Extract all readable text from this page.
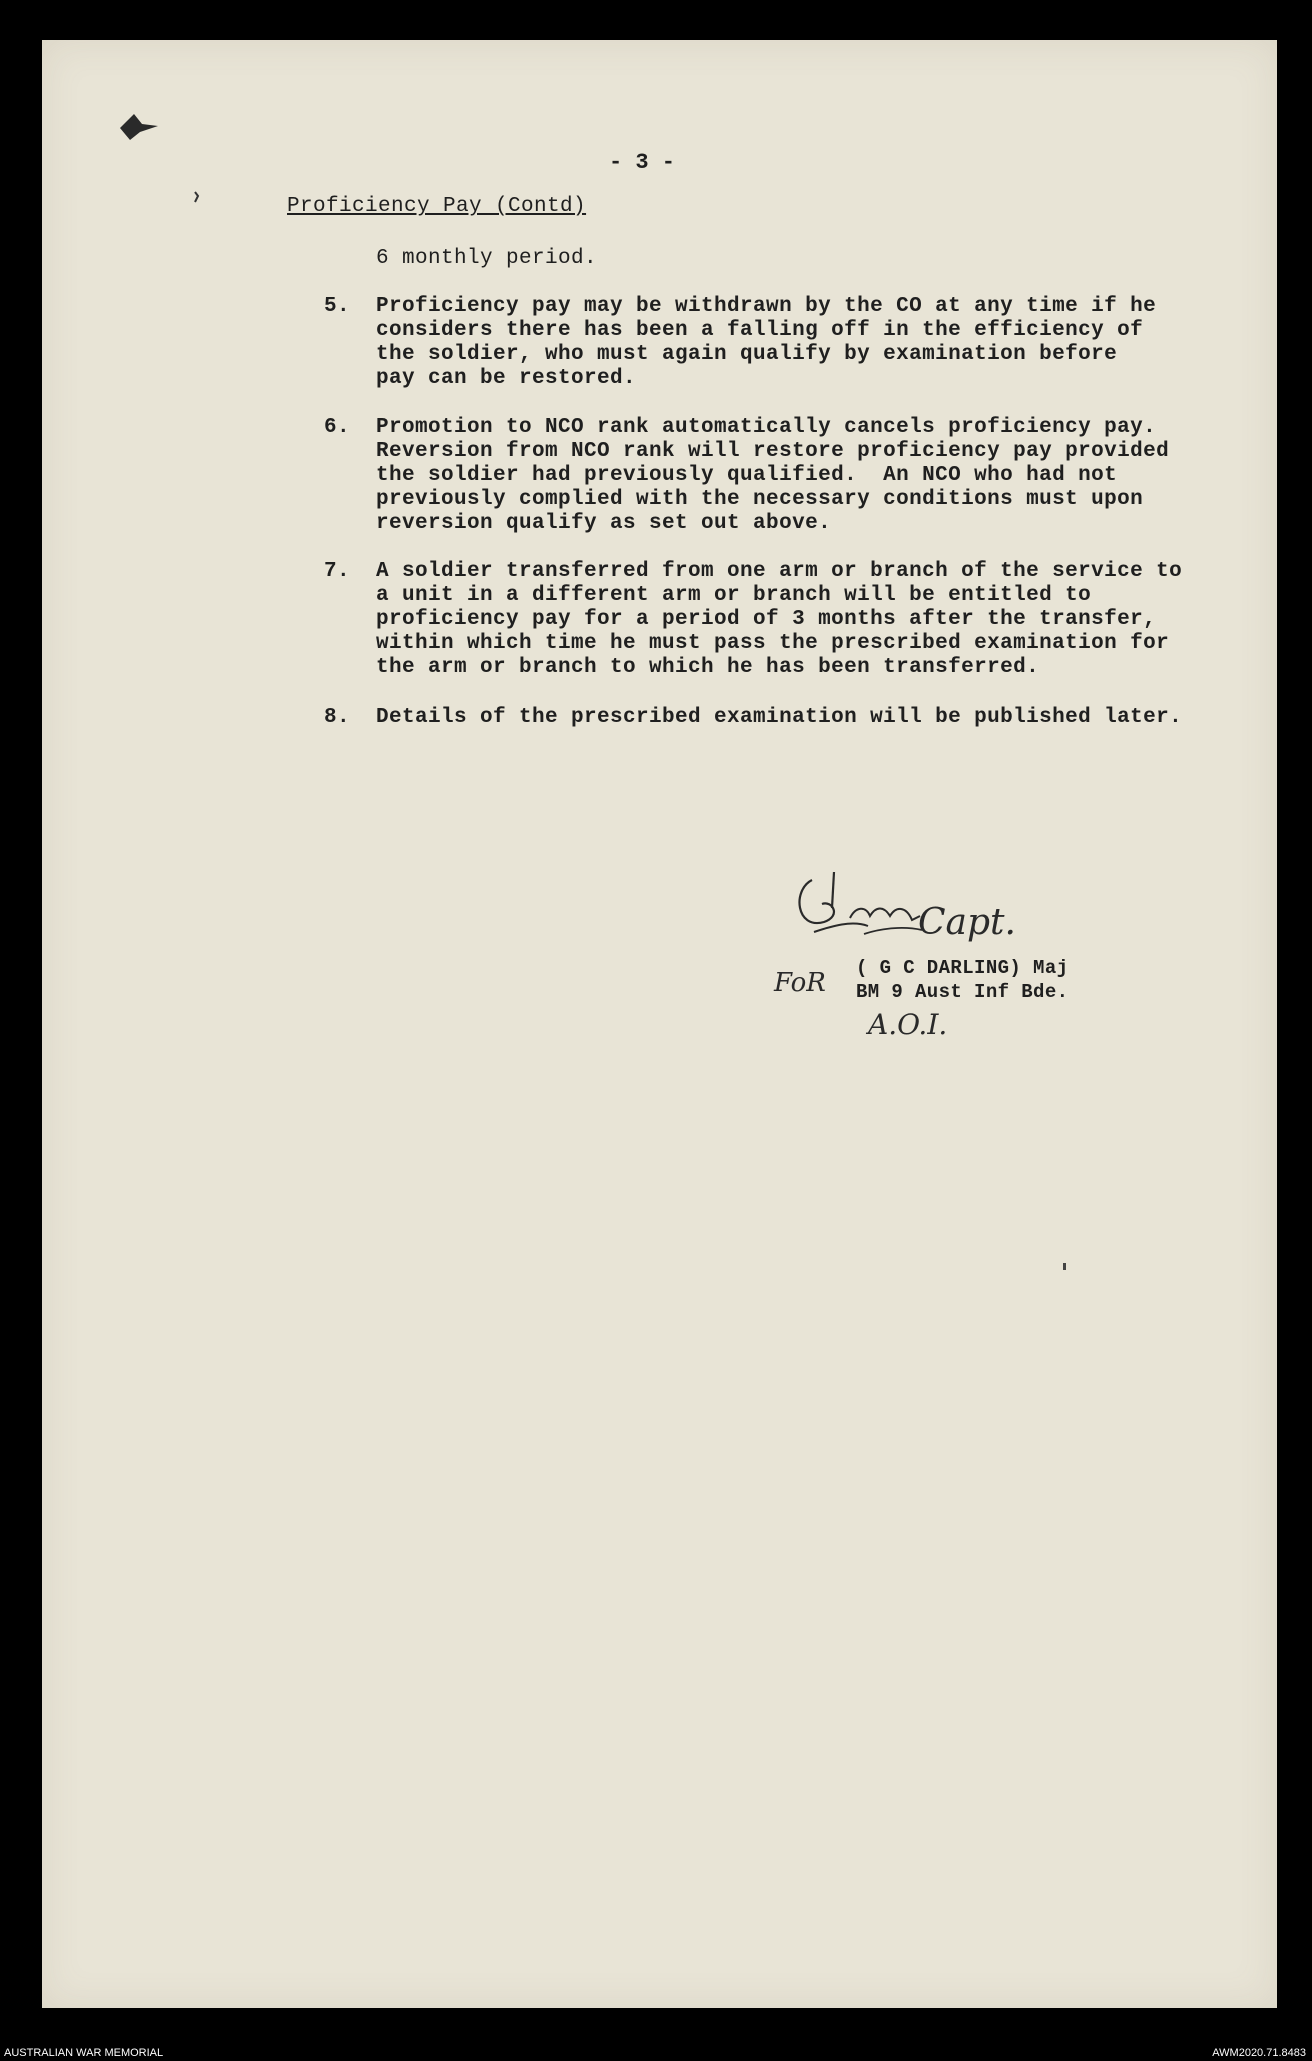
- 3 -
Proficiency Pay (Contd)
6 monthly period.
5.	Proficiency pay may be withdrawn by the CO at any time if he
considers there has been a falling off in the efficiency of
the soldier, who must again qualify by examination before
pay can be restored.
6.	Promotion to NCO rank automatically cancels proficiency pay.
Reversion from NCO rank will restore proficiency pay provided
the soldier had previously qualified.  An NCO who had not
previously complied with the necessary conditions must upon
reversion qualify as set out above.
7.	A soldier transferred from one arm or branch of the service to
a unit in a different arm or branch will be entitled to
proficiency pay for a period of 3 months after the transfer,
within which time he must pass the prescribed examination for
the arm or branch to which he has been transferred.
8.	Details of the prescribed examination will be published later.
Capt.
( G C DARLING) Maj
BM 9 Aust Inf Bde.
FoR
A.O.I.
AUSTRALIAN WAR MEMORIAL	AWM2020.71.8483
